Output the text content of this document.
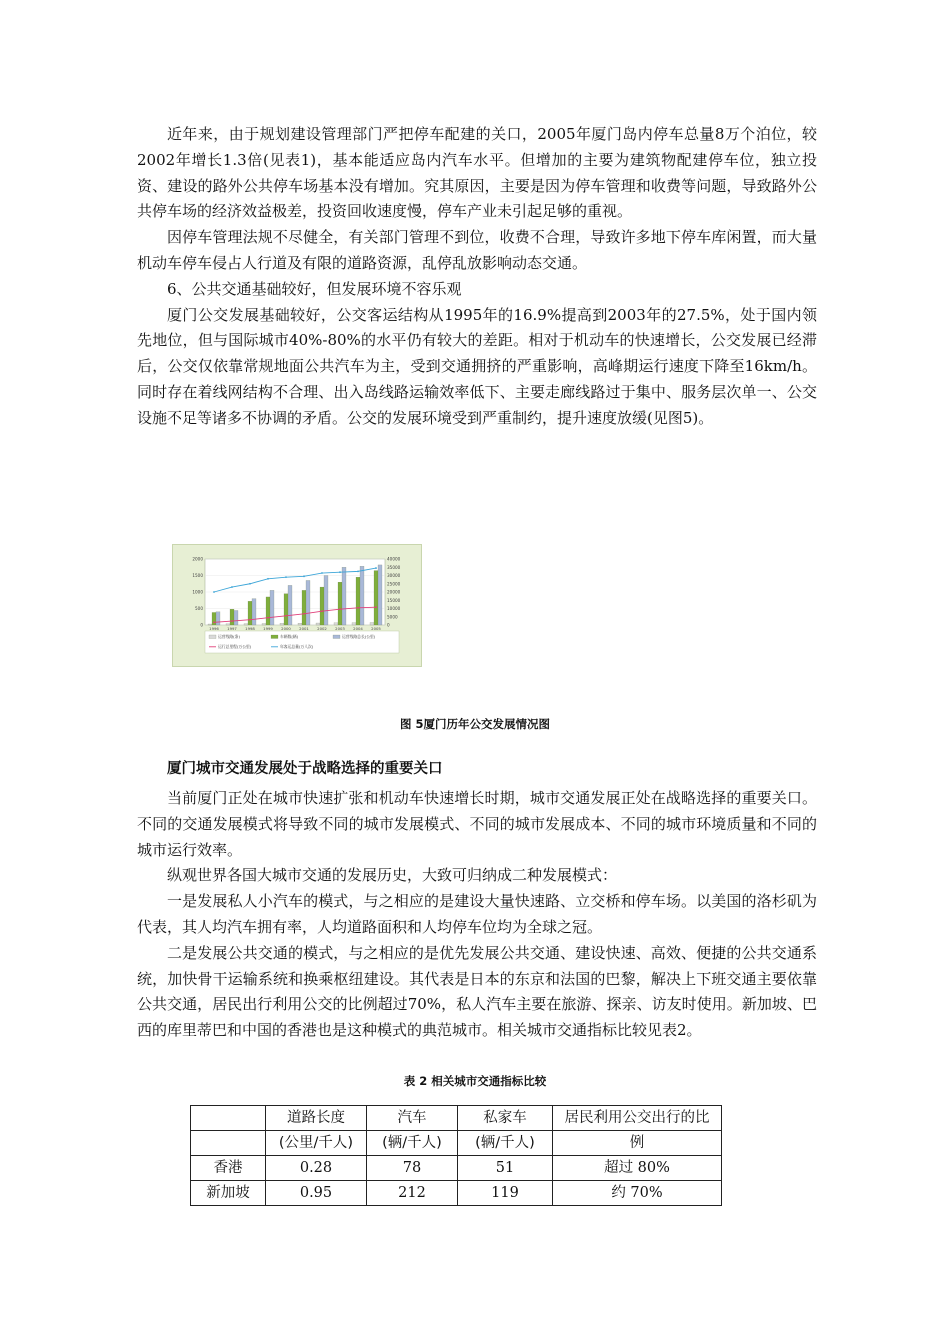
近年来，由于规划建设管理部门严把停车配建的关口，2005年厦门岛内停车总量8万个泊位，较2002年增长1.3倍(见表1)，基本能适应岛内汽车水平。但增加的主要为建筑物配建停车位，独立投资、建设的路外公共停车场基本没有增加。究其原因，主要是因为停车管理和收费等问题，导致路外公共停车场的经济效益极差，投资回收速度慢，停车产业未引起足够的重视。

因停车管理法规不尽健全，有关部门管理不到位，收费不合理，导致许多地下停车库闲置，而大量机动车停车侵占人行道及有限的道路资源，乱停乱放影响动态交通。

6、公共交通基础较好，但发展环境不容乐观

厦门公交发展基础较好，公交客运结构从1995年的16.9%提高到2003年的27.5%，处于国内领先地位，但与国际城市40%-80%的水平仍有较大的差距。相对于机动车的快速增长，公交发展已经滞后，公交仅依靠常规地面公共汽车为主，受到交通拥挤的严重影响，高峰期运行速度下降至16km/h。同时存在着线网结构不合理、出入岛线路运输效率低下、主要走廊线路过于集中、服务层次单一、公交设施不足等诸多不协调的矛盾。公交的发展环境受到严重制约，提升速度放缓(见图5)。

2000
1500
1000
500
0
40000
35000
30000
25000
20000
15000
10000
5000
0
1996 1997 1998 1999 2000 2001 2002 2003 2004 2005
运营线路(条)	车辆数(辆)	运营线路总长(公里)
运行总里程(万公里)	年客运总量(万人次)
图 5厦门历年公交发展情况图

厦门城市交通发展处于战略选择的重要关口

当前厦门正处在城市快速扩张和机动车快速增长时期，城市交通发展正处在战略选择的重要关口。不同的交通发展模式将导致不同的城市发展模式、不同的城市发展成本、不同的城市环境质量和不同的城市运行效率。

纵观世界各国大城市交通的发展历史，大致可归纳成二种发展模式：

一是发展私人小汽车的模式，与之相应的是建设大量快速路、立交桥和停车场。以美国的洛杉矶为代表，其人均汽车拥有率，人均道路面积和人均停车位均为全球之冠。

二是发展公共交通的模式，与之相应的是优先发展公共交通、建设快速、高效、便捷的公共交通系统，加快骨干运输系统和换乘枢纽建设。其代表是日本的东京和法国的巴黎，解决上下班交通主要依靠公共交通，居民出行利用公交的比例超过70%，私人汽车主要在旅游、探亲、访友时使用。新加坡、巴西的库里蒂巴和中国的香港也是这种模式的典范城市。相关城市交通指标比较见表2。

表 2 相关城市交通指标比较
	道路长度	汽车	私家车	居民利用公交出行的比
	(公里/千人)	(辆/千人)	(辆/千人)	例
香港	0.28	78	51	超过 80%
新加坡	0.95	212	119	约 70%
